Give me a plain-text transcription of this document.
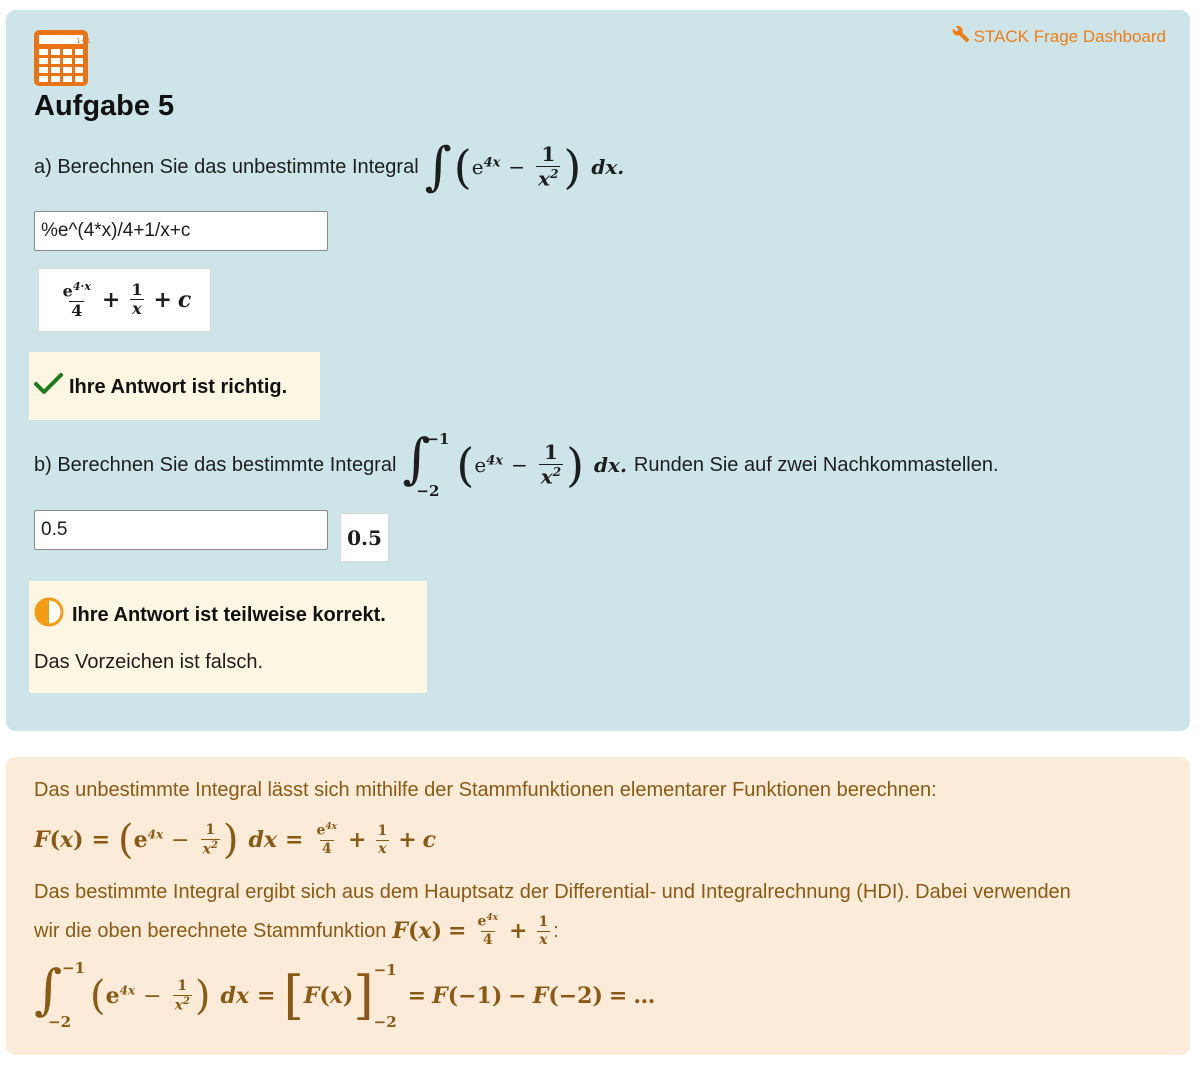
1+1	STACK Frage Dashboard
Aufgabe 5
a) Berechnen Sie das unbestimmte Integral ∫ ( $e^{4x} - \frac{1}{x^2}$ ) dx.
%e^(4*x)/4+1/x+c
$\frac{e^{4\cdot x}}{4} + \frac{1}{x} + c$
Ihre Antwort ist richtig.
b) Berechnen Sie das bestimmte Integral ∫
−1
−2 ( $e^{4x} - \frac{1}{x^2}$ ) dx. Runden Sie auf zwei Nachkommastellen.
0.5	0.5
Ihre Antwort ist teilweise korrekt.
Das Vorzeichen ist falsch.
Das unbestimmte Integral lässt sich mithilfe der Stammfunktionen elementarer Funktionen berechnen:
F ( x ) = ( $e^{4x} - \frac{1}{x^2}$ ) dx = $\frac{e^{4x}}{4} + \frac{1}{x} + c$
Das bestimmte Integral ergibt sich aus dem Hauptsatz der Differential- und Integralrechnung (HDI). Dabei verwenden
wir die oben berechnete Stammfunktion F ( x ) = $\frac{e^{4x}}{4} + \frac{1}{x}$ :
∫ −1
−2
( $e^{4x} - \frac{1}{x^2}$ ) dx = [ F ( x ) ] −1
−2
= F (−1) − F (−2) = …
